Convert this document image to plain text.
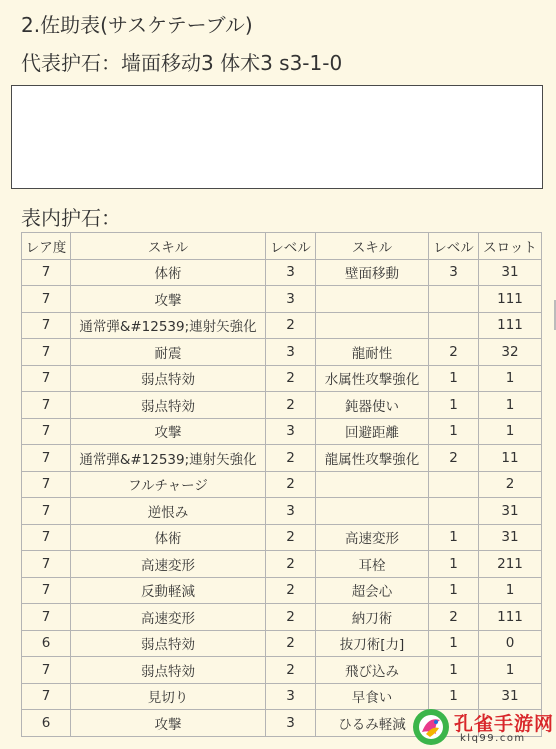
2.佐助表(サスケテーブル)
代表护石：墙面移动3 体术3 s3-1-0
表内护石：
レア度	スキル	レベル	スキル	レベル	スロット
7	体術	3	壁面移動	3	31
7	攻撃	3			111
7	通常弾&#12539;連射矢強化	2			111
7	耐震	3	龍耐性	2	32
7	弱点特効	2	水属性攻撃強化	1	1
7	弱点特効	2	鈍器使い	1	1
7	攻撃	3	回避距離	1	1
7	通常弾&#12539;連射矢強化	2	龍属性攻撃強化	2	11
7	フルチャージ	2			2
7	逆恨み	3			31
7	体術	2	高速変形	1	31
7	高速変形	2	耳栓	1	211
7	反動軽減	2	超会心	1	1
7	高速変形	2	納刀術	2	111
6	弱点特効	2	抜刀術[力]	1	0
7	弱点特効	2	飛び込み	1	1
7	見切り	3	早食い	1	31
6	攻撃	3	ひるみ軽減			孔雀手游网
klq99.com
